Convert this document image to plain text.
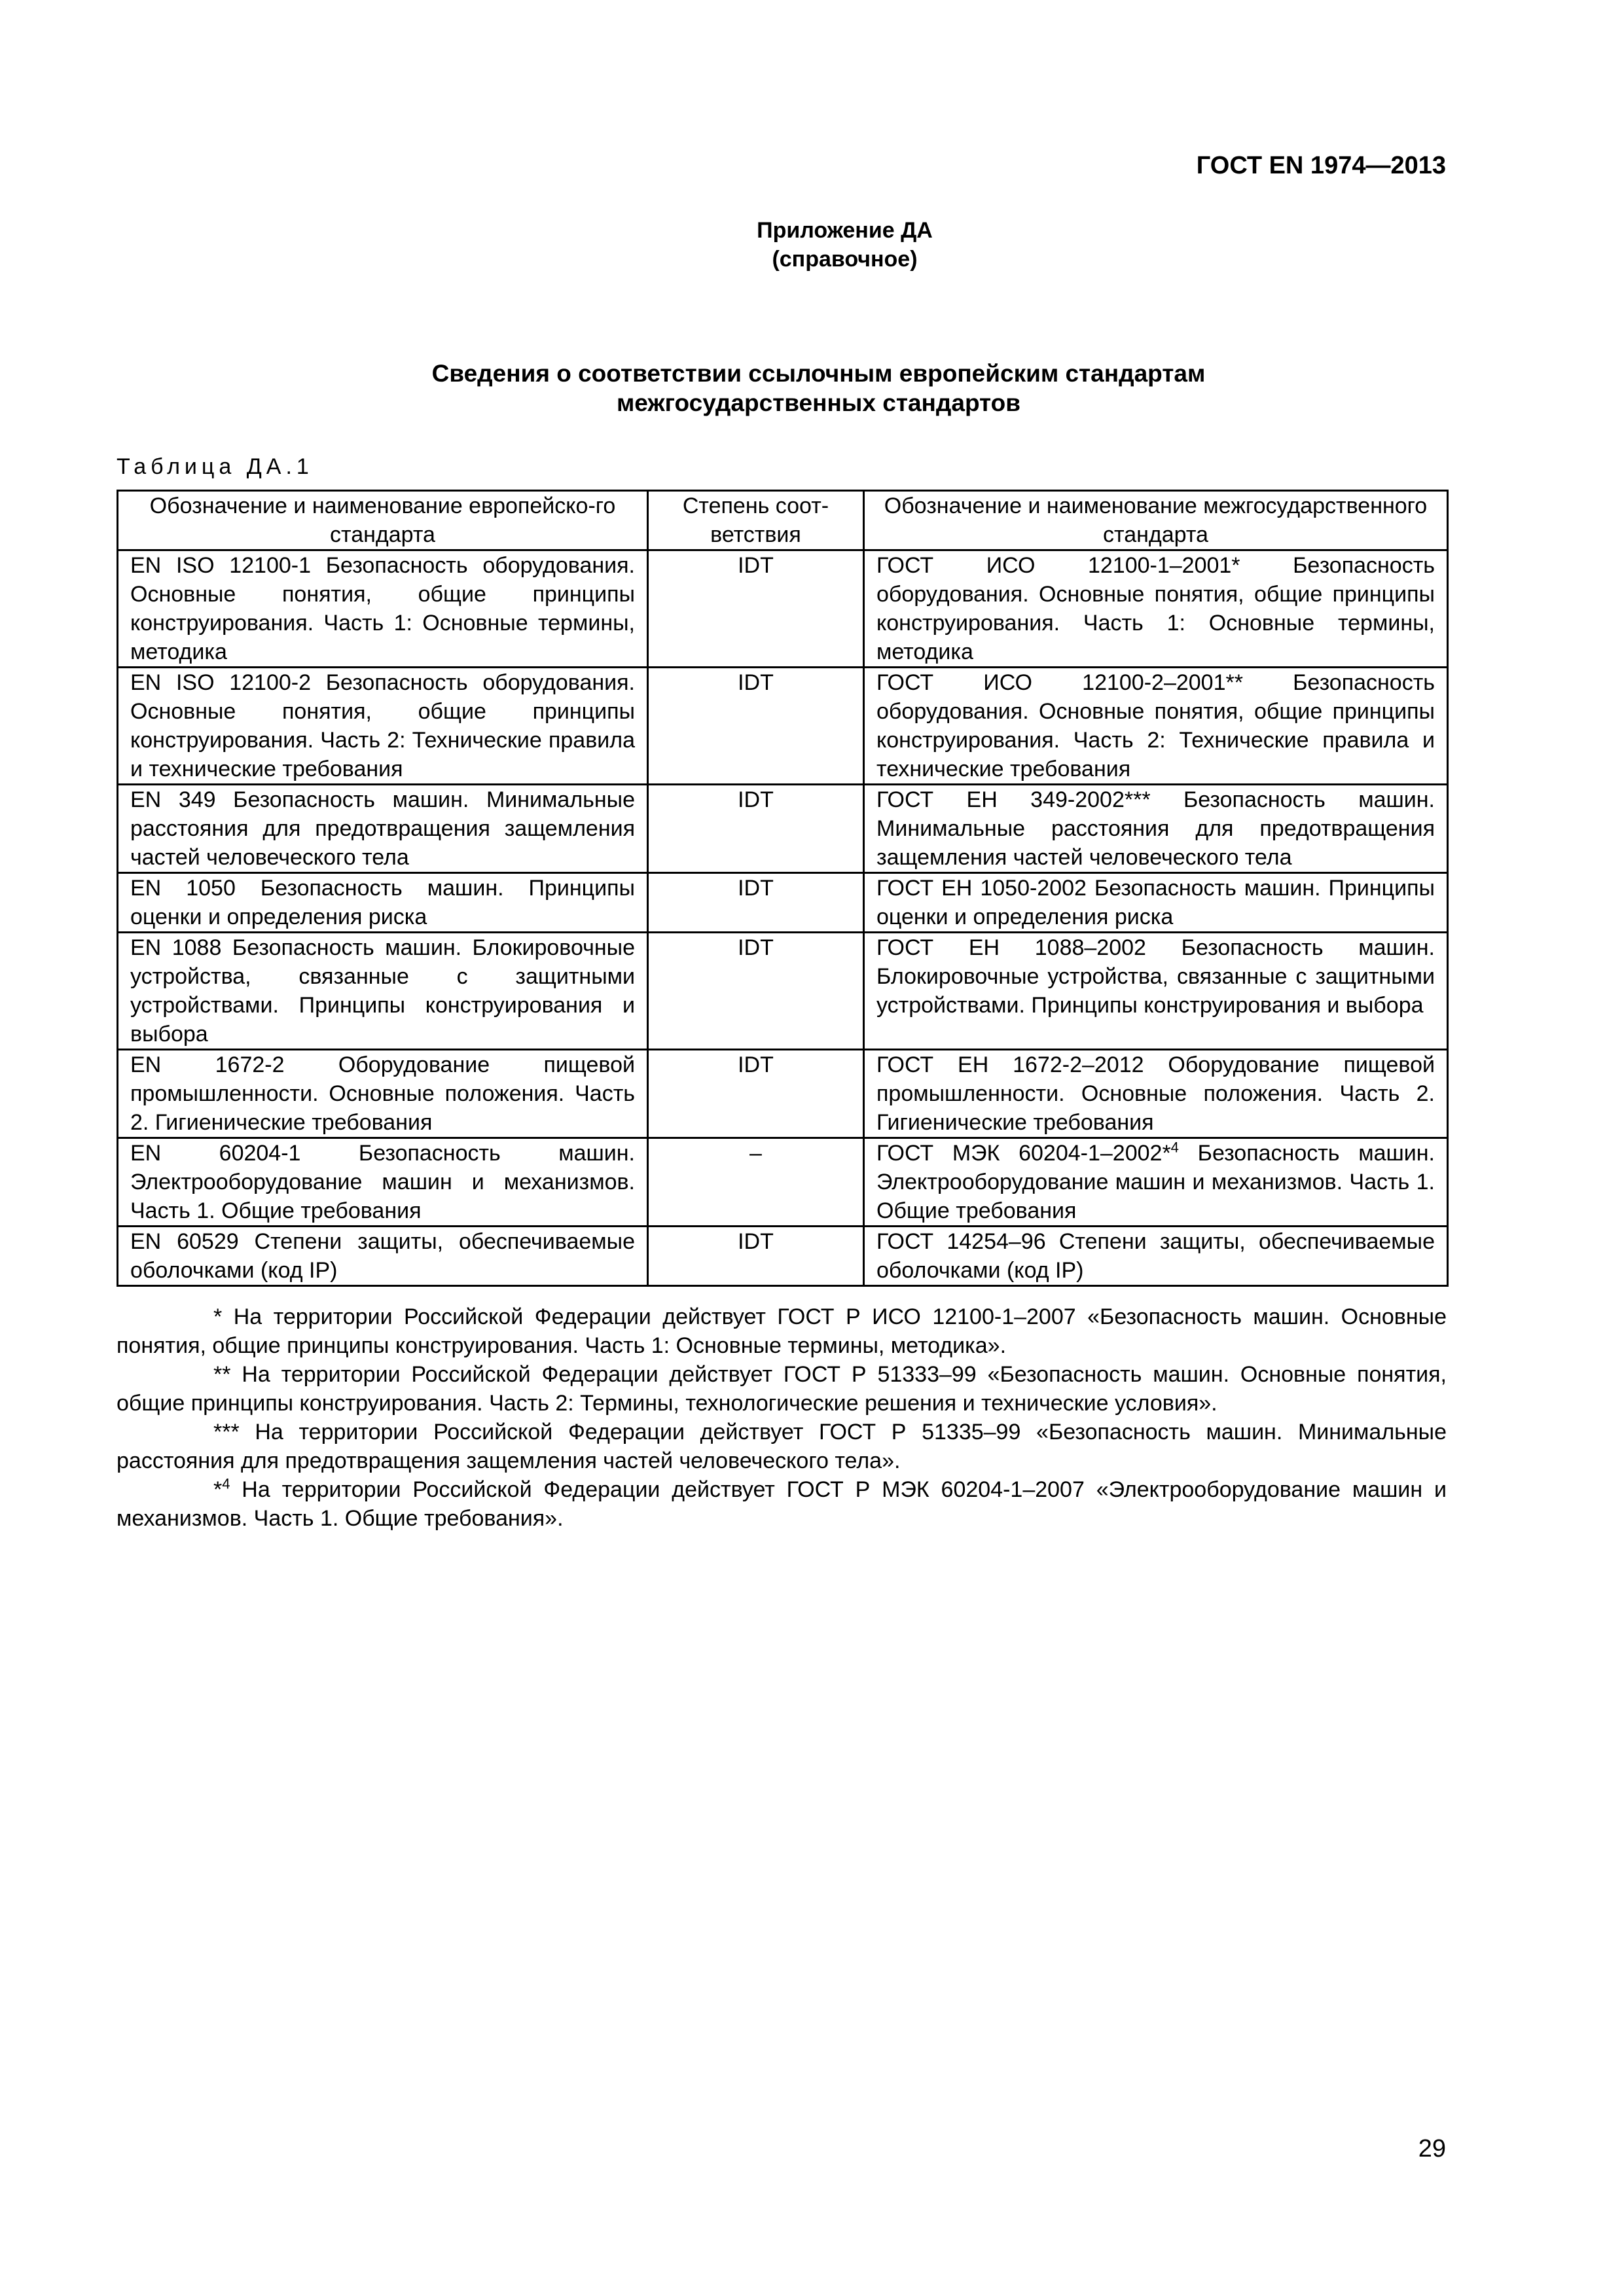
ГОСТ EN 1974—2013
Приложение ДА
(справочное)
Сведения о соответствии ссылочным европейским стандартам
межгосударственных стандартов
Таблица ДА.1
Обозначение и наименование европейско-го стандарта	Степень соот-ветствия	Обозначение и наименование межгосударственного стандарта
EN ISO 12100-1 Безопасность оборудования. Основные понятия, общие принципы конструирования. Часть 1: Основные термины, методика	IDT	ГОСТ ИСО 12100-1–2001* Безопасность оборудования. Основные понятия, общие принципы конструирования. Часть 1: Основные термины, методика
EN ISO 12100-2 Безопасность оборудования. Основные понятия, общие принципы конструирования. Часть 2: Технические правила и технические требования	IDT	ГОСТ ИСО 12100-2–2001** Безопасность оборудования. Основные понятия, общие принципы конструирования. Часть 2: Технические правила и технические требования
EN 349 Безопасность машин. Минимальные расстояния для предотвращения защемления частей человеческого тела	IDT	ГОСТ ЕН 349-2002*** Безопасность машин. Минимальные расстояния для предотвращения защемления частей человеческого тела
EN 1050 Безопасность машин. Принципы оценки и определения риска	IDT	ГОСТ ЕН 1050-2002 Безопасность машин. Принципы оценки и определения риска
EN 1088 Безопасность машин. Блокировочные устройства, связанные с защитными устройствами. Принципы конструирования и выбора	IDT	ГОСТ ЕН 1088–2002 Безопасность машин. Блокировочные устройства, связанные с защитными устройствами. Принципы конструирования и выбора
EN 1672-2 Оборудование пищевой промышленности. Основные положения. Часть 2. Гигиенические требования	IDT	ГОСТ ЕН 1672-2–2012 Оборудование пищевой промышленности. Основные положения. Часть 2. Гигиенические требования
EN 60204-1 Безопасность машин. Электрооборудование машин и механизмов. Часть 1. Общие требования	–	ГОСТ МЭК 60204-1–2002*$^4$ Безопасность машин. Электрооборудование машин и механизмов. Часть 1. Общие требования
EN 60529 Степени защиты, обеспечиваемые оболочками (код IP)	IDT	ГОСТ 14254–96 Степени защиты, обеспечиваемые оболочками (код IP)

* На территории Российской Федерации действует ГОСТ Р ИСО 12100-1–2007 «Безопасность машин. Основные понятия, общие принципы конструирования. Часть 1: Основные термины, методика».

** На территории Российской Федерации действует ГОСТ Р 51333–99 «Безопасность машин. Основные понятия, общие принципы конструирования. Часть 2: Термины, технологические решения и технические условия».

*** На территории Российской Федерации действует ГОСТ Р 51335–99 «Безопасность машин. Минимальные расстояния для предотвращения защемления частей человеческого тела».

*$^4$ На территории Российской Федерации действует ГОСТ Р МЭК 60204-1–2007 «Электрооборудование машин и механизмов. Часть 1. Общие требования».

29
